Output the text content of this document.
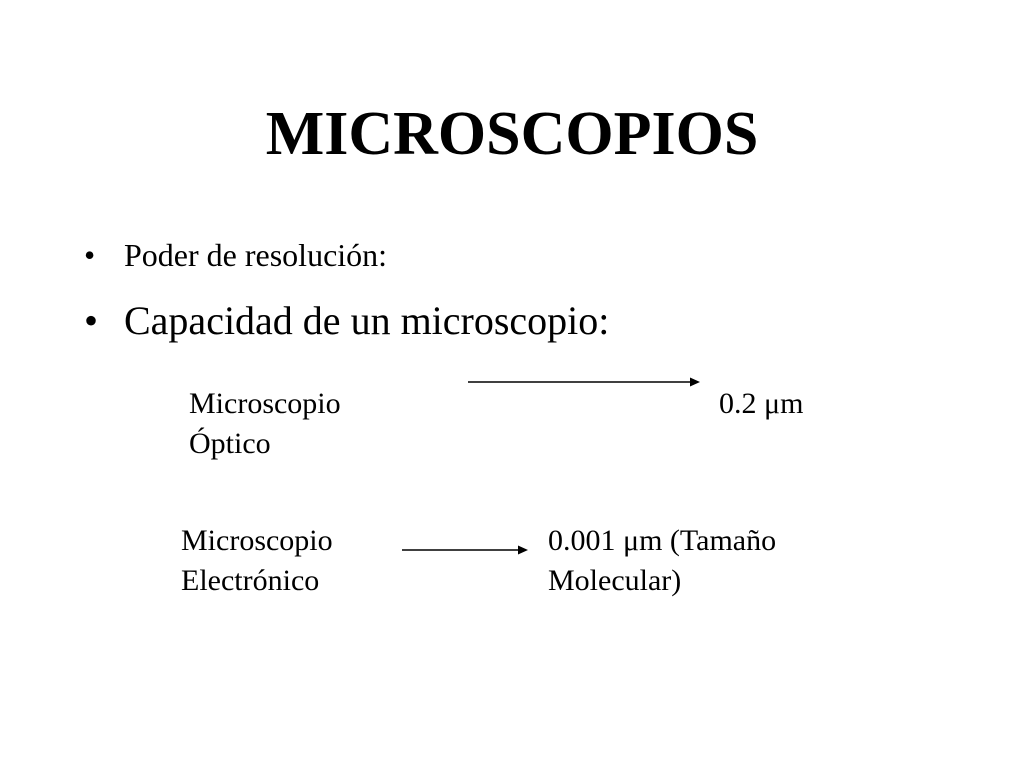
MICROSCOPIOS
• Poder de resolución:
• Capacidad de un microscopio:
Microscopio
Óptico
0.2 μm
Microscopio
Electrónico
0.001 μm (Tamaño
Molecular)
